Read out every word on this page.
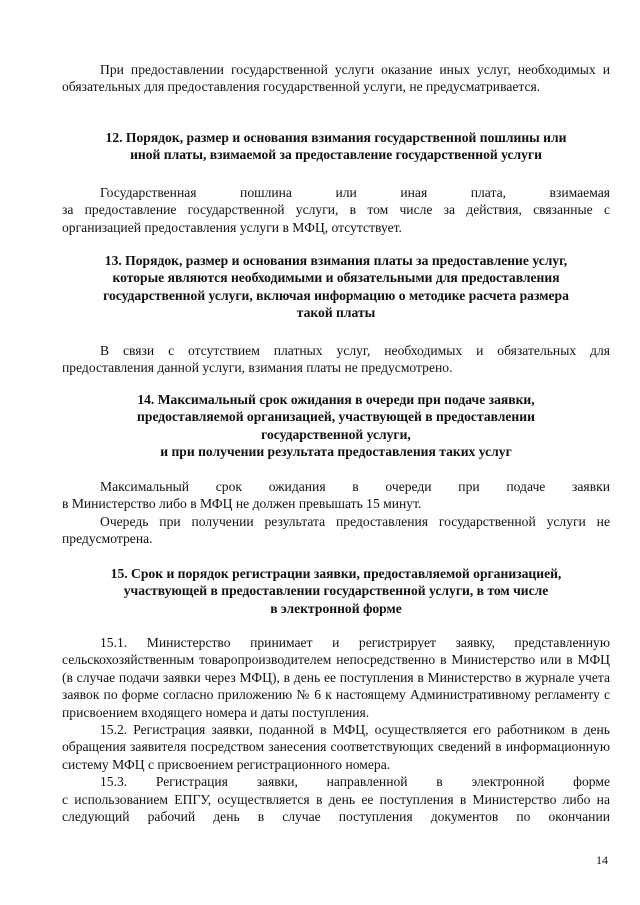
При предоставлении государственной услуги оказание иных услуг, необходимых и обязательных для предоставления государственной услуги, не предусматривается.

12. Порядок, размер и основания взимания государственной пошлины или

иной платы, взимаемой за предоставление государственной услуги

Государственная пошлина или иная плата, взимаемая

за предоставление государственной услуги, в том числе за действия, связанные с организацией предоставления услуги в МФЦ, отсутствует.

13. Порядок, размер и основания взимания платы за предоставление услуг,

которые являются необходимыми и обязательными для предоставления

государственной услуги, включая информацию о методике расчета размера

такой платы

В связи с отсутствием платных услуг, необходимых и обязательных для предоставления данной услуги, взимания платы не предусмотрено.

14. Максимальный срок ожидания в очереди при подаче заявки,

предоставляемой организацией, участвующей в предоставлении

государственной услуги,

и при получении результата предоставления таких услуг

Максимальный срок ожидания в очереди при подаче заявки

в Министерство либо в МФЦ не должен превышать 15 минут.

Очередь при получении результата предоставления государственной услуги не предусмотрена.

15. Срок и порядок регистрации заявки, предоставляемой организацией,

участвующей в предоставлении государственной услуги, в том числе

в электронной форме

15.1. Министерство принимает и регистрирует заявку, представленную сельскохозяйственным товаропроизводителем непосредственно в Министерство или в МФЦ (в случае подачи заявки через МФЦ), в день ее поступления в Министерство в журнале учета заявок по форме согласно приложению № 6 к настоящему Административному регламенту с присвоением входящего номера и даты поступления.

15.2. Регистрация заявки, поданной в МФЦ, осуществляется его работником в день обращения заявителя посредством занесения соответствующих сведений в информационную систему МФЦ с присвоением регистрационного номера.

15.3. Регистрация заявки, направленной в электронной форме

с использованием ЕПГУ, осуществляется в день ее поступления в Министерство либо на следующий рабочий день в случае поступления документов по окончании

14
